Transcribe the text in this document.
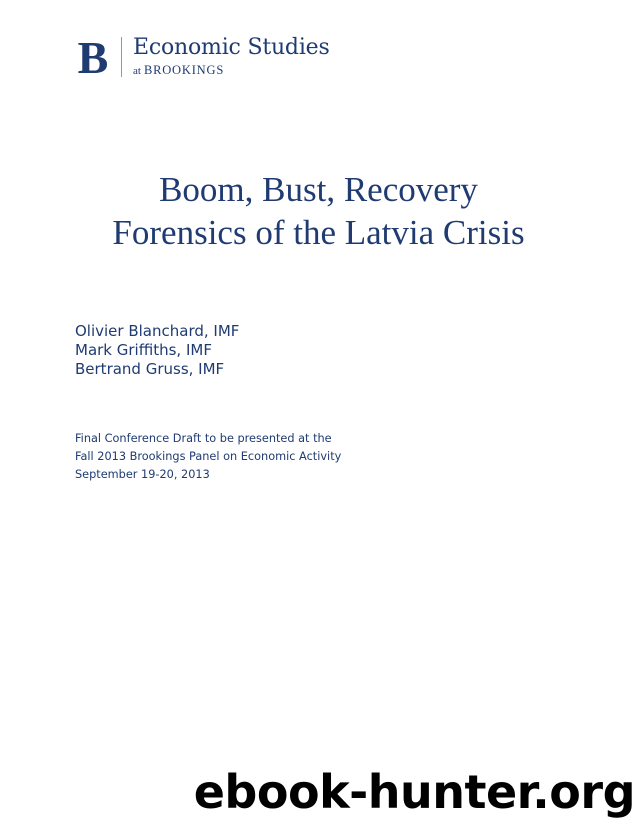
B Economic Studies
at BROOKINGS
Boom, Bust, Recovery
Forensics of the Latvia Crisis
Olivier Blanchard, IMF
Mark Griffiths, IMF
Bertrand Gruss, IMF
Final Conference Draft to be presented at the
Fall 2013 Brookings Panel on Economic Activity
September 19-20, 2013
ebook-hunter.org
